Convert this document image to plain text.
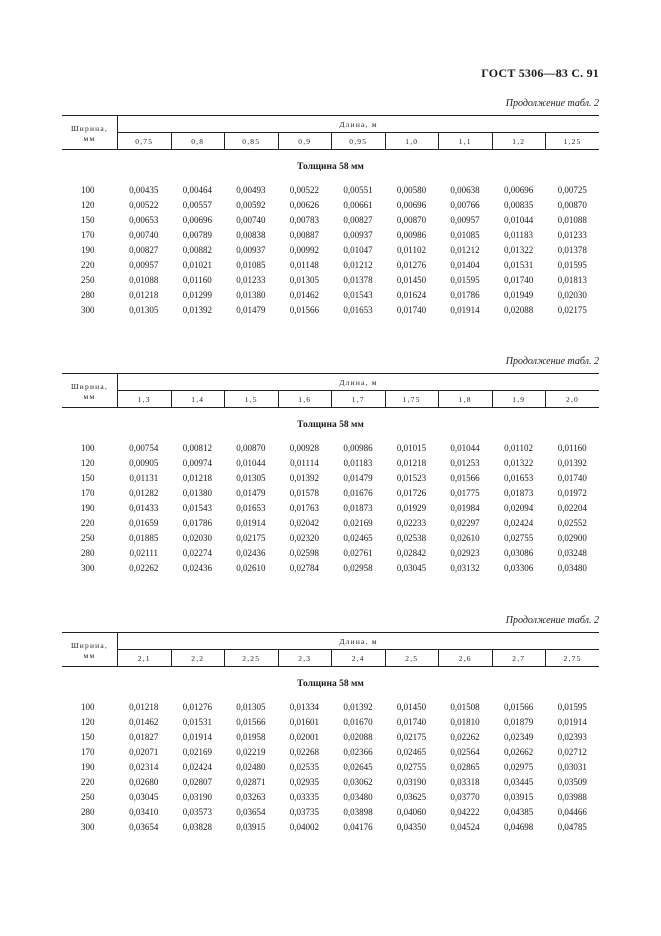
ГОСТ 5306—83 С. 91
Продолжение табл. 2
Ширина,
мм	Длина, м								
	0,75	0,8	0,85	0,9	0,95	1,0	1,1	1,2	1,25
Толщина 58 мм
100	0,00435	0,00464	0,00493	0,00522	0,00551	0,00580	0,00638	0,00696	0,00725
120	0,00522	0,00557	0,00592	0,00626	0,00661	0,00696	0,00766	0,00835	0,00870
150	0,00653	0,00696	0,00740	0,00783	0,00827	0,00870	0,00957	0,01044	0,01088
170	0,00740	0,00789	0,00838	0,00887	0,00937	0,00986	0,01085	0,01183	0,01233
190	0,00827	0,00882	0,00937	0,00992	0,01047	0,01102	0,01212	0,01322	0,01378
220	0,00957	0,01021	0,01085	0,01148	0,01212	0,01276	0,01404	0,01531	0,01595
250	0,01088	0,01160	0,01233	0,01305	0,01378	0,01450	0,01595	0,01740	0,01813
280	0,01218	0,01299	0,01380	0,01462	0,01543	0,01624	0,01786	0,01949	0,02030
300	0,01305	0,01392	0,01479	0,01566	0,01653	0,01740	0,01914	0,02088	0,02175
Продолжение табл. 2
Ширина,
мм	Длина, м								
	1,3	1,4	1,5	1,6	1,7	1,75	1,8	1,9	2,0
Толщина 58 мм
100	0,00754	0,00812	0,00870	0,00928	0,00986	0,01015	0,01044	0,01102	0,01160
120	0,00905	0,00974	0,01044	0,01114	0,01183	0,01218	0,01253	0,01322	0,01392
150	0,01131	0,01218	0,01305	0,01392	0,01479	0,01523	0,01566	0,01653	0,01740
170	0,01282	0,01380	0,01479	0,01578	0,01676	0,01726	0,01775	0,01873	0,01972
190	0,01433	0,01543	0,01653	0,01763	0,01873	0,01929	0,01984	0,02094	0,02204
220	0,01659	0,01786	0,01914	0,02042	0,02169	0,02233	0,02297	0,02424	0,02552
250	0,01885	0,02030	0,02175	0,02320	0,02465	0,02538	0,02610	0,02755	0,02900
280	0,02111	0,02274	0,02436	0,02598	0,02761	0,02842	0,02923	0,03086	0,03248
300	0,02262	0,02436	0,02610	0,02784	0,02958	0,03045	0,03132	0,03306	0,03480
Продолжение табл. 2
Ширина,
мм	Длина, м								
	2,1	2,2	2,25	2,3	2,4	2,5	2,6	2,7	2,75
Толщина 58 мм
100	0,01218	0,01276	0,01305	0,01334	0,01392	0,01450	0,01508	0,01566	0,01595
120	0,01462	0,01531	0,01566	0,01601	0,01670	0,01740	0,01810	0,01879	0,01914
150	0,01827	0,01914	0,01958	0,02001	0,02088	0,02175	0,02262	0,02349	0,02393
170	0,02071	0,02169	0,02219	0,02268	0,02366	0,02465	0,02564	0,02662	0,02712
190	0,02314	0,02424	0,02480	0,02535	0,02645	0,02755	0,02865	0,02975	0,03031
220	0,02680	0,02807	0,02871	0,02935	0,03062	0,03190	0,03318	0,03445	0,03509
250	0,03045	0,03190	0,03263	0,03335	0,03480	0,03625	0,03770	0,03915	0,03988
280	0,03410	0,03573	0,03654	0,03735	0,03898	0,04060	0,04222	0,04385	0,04466
300	0,03654	0,03828	0,03915	0,04002	0,04176	0,04350	0,04524	0,04698	0,04785
